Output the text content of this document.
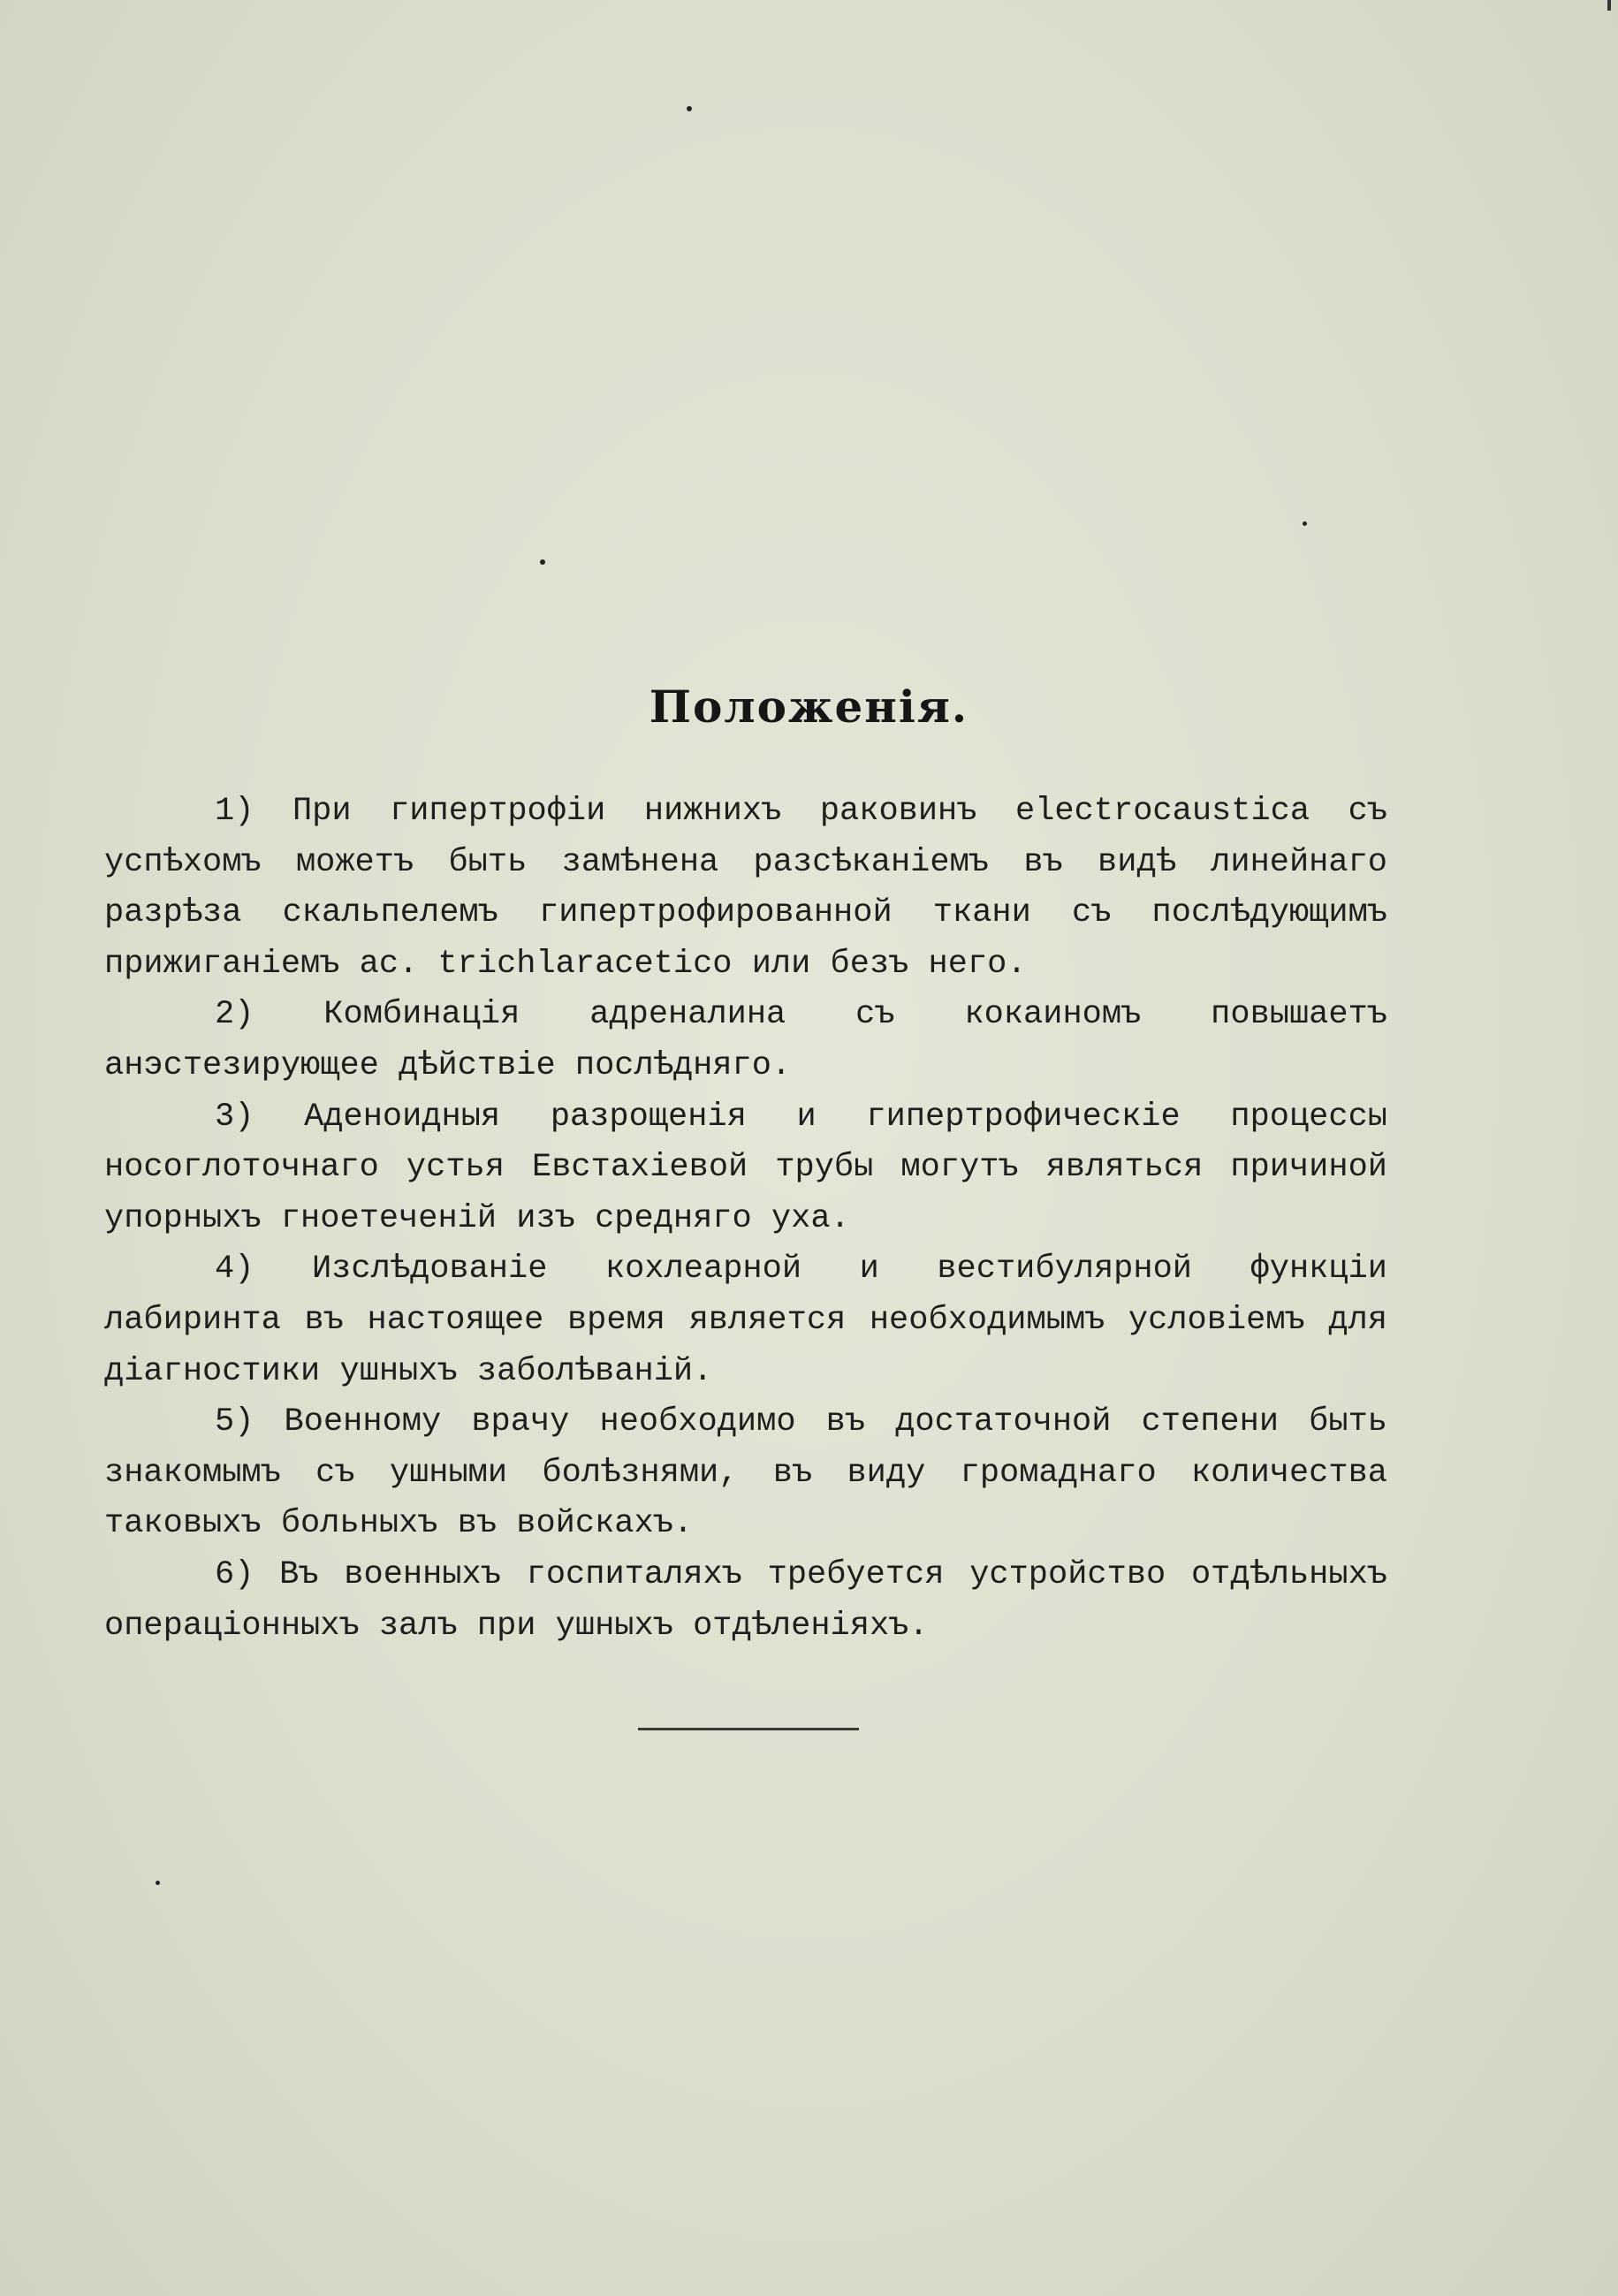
Положенія.

1) При гипертрофіи нижнихъ раковинъ electrocaustica съ успѣхомъ можетъ быть замѣнена разсѣканіемъ въ видѣ линейнаго разрѣза скальпелемъ гипертрофированной ткани съ послѣдующимъ прижиганіемъ ac. trichlaracetico или безъ него.

2) Комбинація адреналина съ кокаиномъ повышаетъ анэстезирующее дѣйствіе послѣдняго.

3) Аденоидныя разрощенія и гипертрофическіе процессы носоглоточнаго устья Евстахіевой трубы могутъ являться причиной упорныхъ гноетеченій изъ средняго уха.

4) Изслѣдованіе кохлеарной и вестибулярной функціи лабиринта въ настоящее время является необходимымъ условіемъ для діагностики ушныхъ заболѣваній.

5) Военному врачу необходимо въ достаточной степени быть знакомымъ съ ушными болѣзнями, въ виду громаднаго количества таковыхъ больныхъ въ войскахъ.

6) Въ военныхъ госпиталяхъ требуется устройство отдѣльныхъ операціонныхъ залъ при ушныхъ отдѣленіяхъ.
